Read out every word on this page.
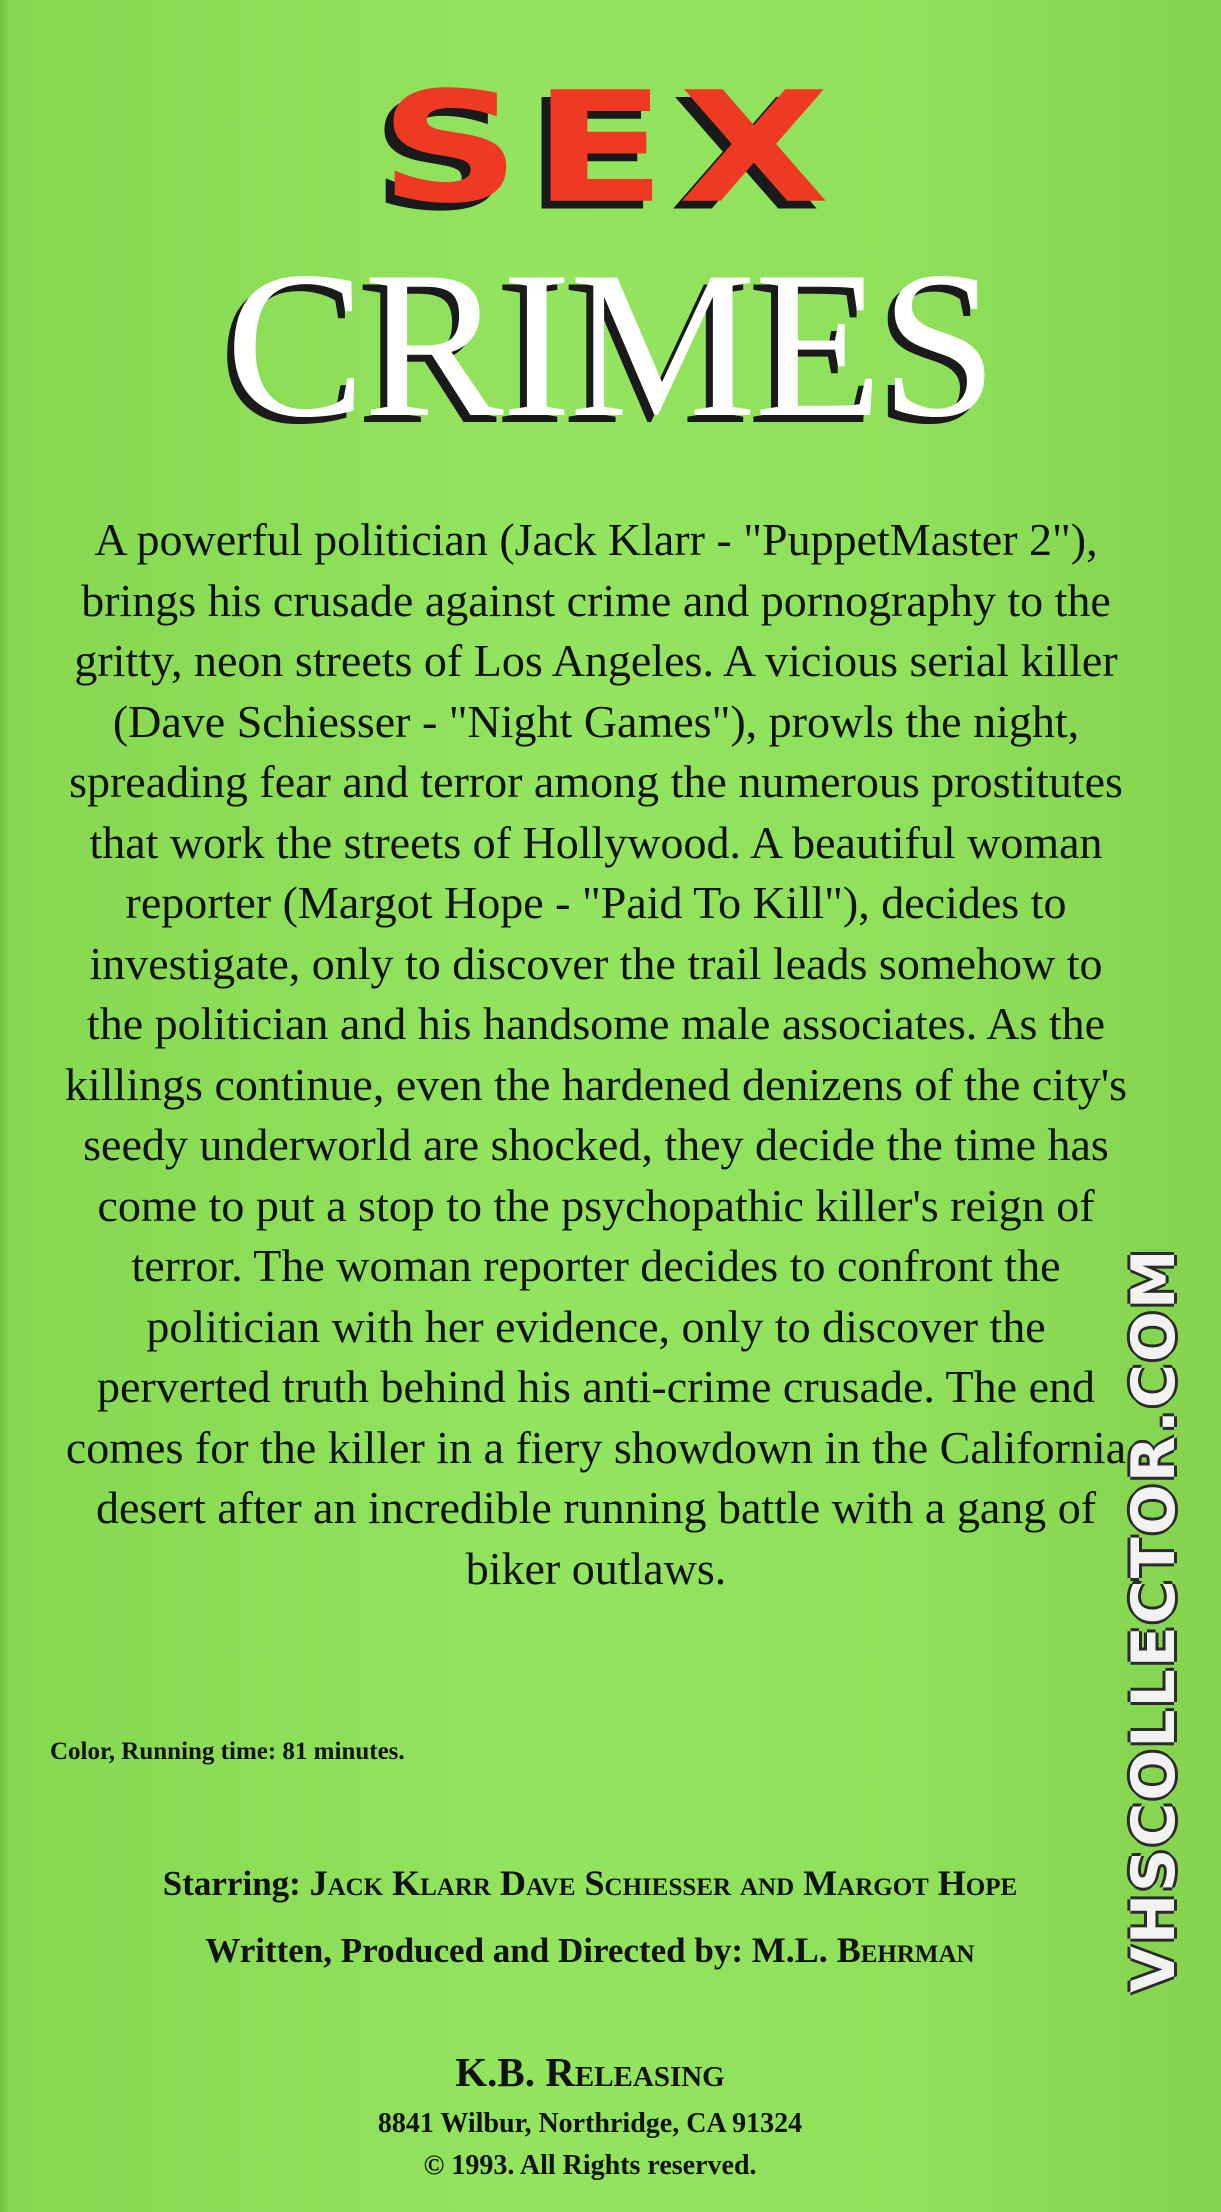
SEX
CRIMES

A powerful politician (Jack Klarr - "PuppetMaster 2"), brings his crusade against crime and pornography to the gritty, neon streets of Los Angeles. A vicious serial killer (Dave Schiesser - "Night Games"), prowls the night, spreading fear and terror among the numerous prostitutes that work the streets of Hollywood. A beautiful woman reporter (Margot Hope - "Paid To Kill"), decides to investigate, only to discover the trail leads somehow to the politician and his handsome male associates. As the killings continue, even the hardened denizens of the city's seedy underworld are shocked, they decide the time has come to put a stop to the psychopathic killer's reign of terror. The woman reporter decides to confront the politician with her evidence, only to discover the perverted truth behind his anti-crime crusade. The end comes for the killer in a fiery showdown in the California desert after an incredible running battle with a gang of biker outlaws.

Color, Running time: 81 minutes.
Starring: Jack Klarr Dave Schiesser and Margot Hope
Written, Produced and Directed by: M.L. Behrman
K.B. Releasing
8841 Wilbur, Northridge, CA 91324
© 1993. All Rights reserved.
VHSCOLLECTOR.COM
